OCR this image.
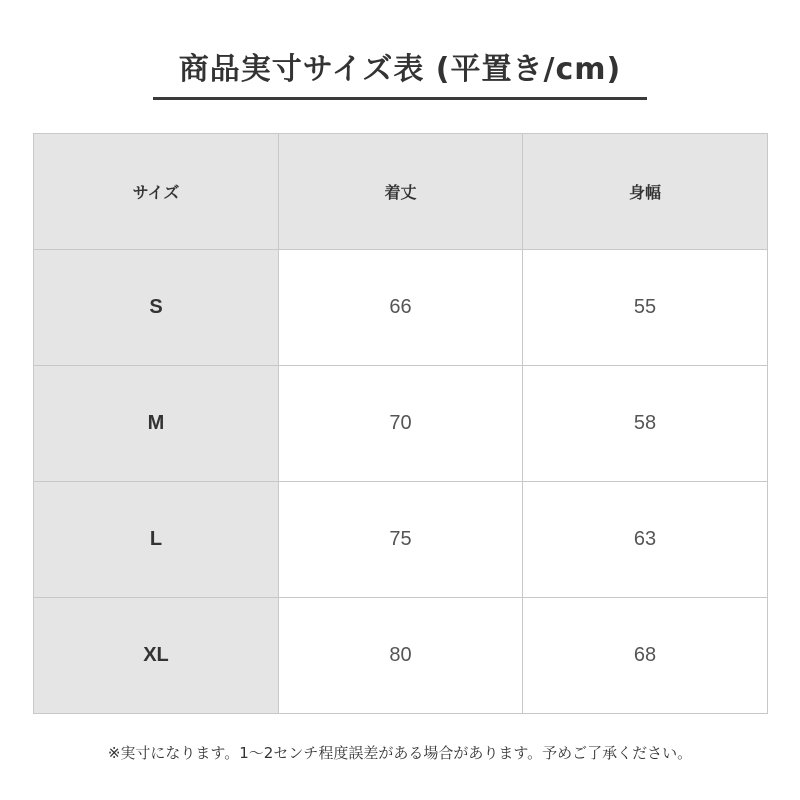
商品実寸サイズ表 (平置き/cm)
サイズ	着丈	身幅
S	66	55
M	70	58
L	75	63
XL	80	68
※実寸になります。1〜2センチ程度誤差がある場合があります。予めご了承ください。
